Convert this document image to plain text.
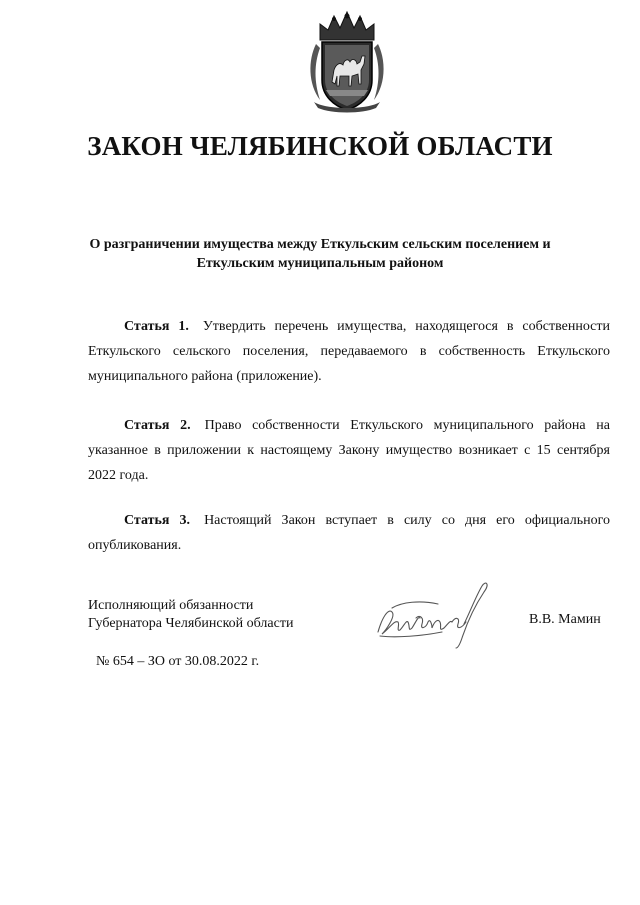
ЗАКОН ЧЕЛЯБИНСКОЙ ОБЛАСТИ
О разграничении имущества между Еткульским сельским поселением и
Еткульским муниципальным районом
Статья 1. Утвердить перечень имущества, находящегося в собственности
Еткульского сельского поселения, передаваемого в собственность Еткульского
муниципального района (приложение).
Статья 2. Право собственности Еткульского муниципального района на
указанное в приложении к настоящему Закону имущество возникает с 15 сентября
2022 года.
Статья 3. Настоящий Закон вступает в силу со дня его официального
опубликования.
Исполняющий обязанности
Губернатора Челябинской области	В.В. Мамин
№ 654 – ЗО от 30.08.2022 г.
